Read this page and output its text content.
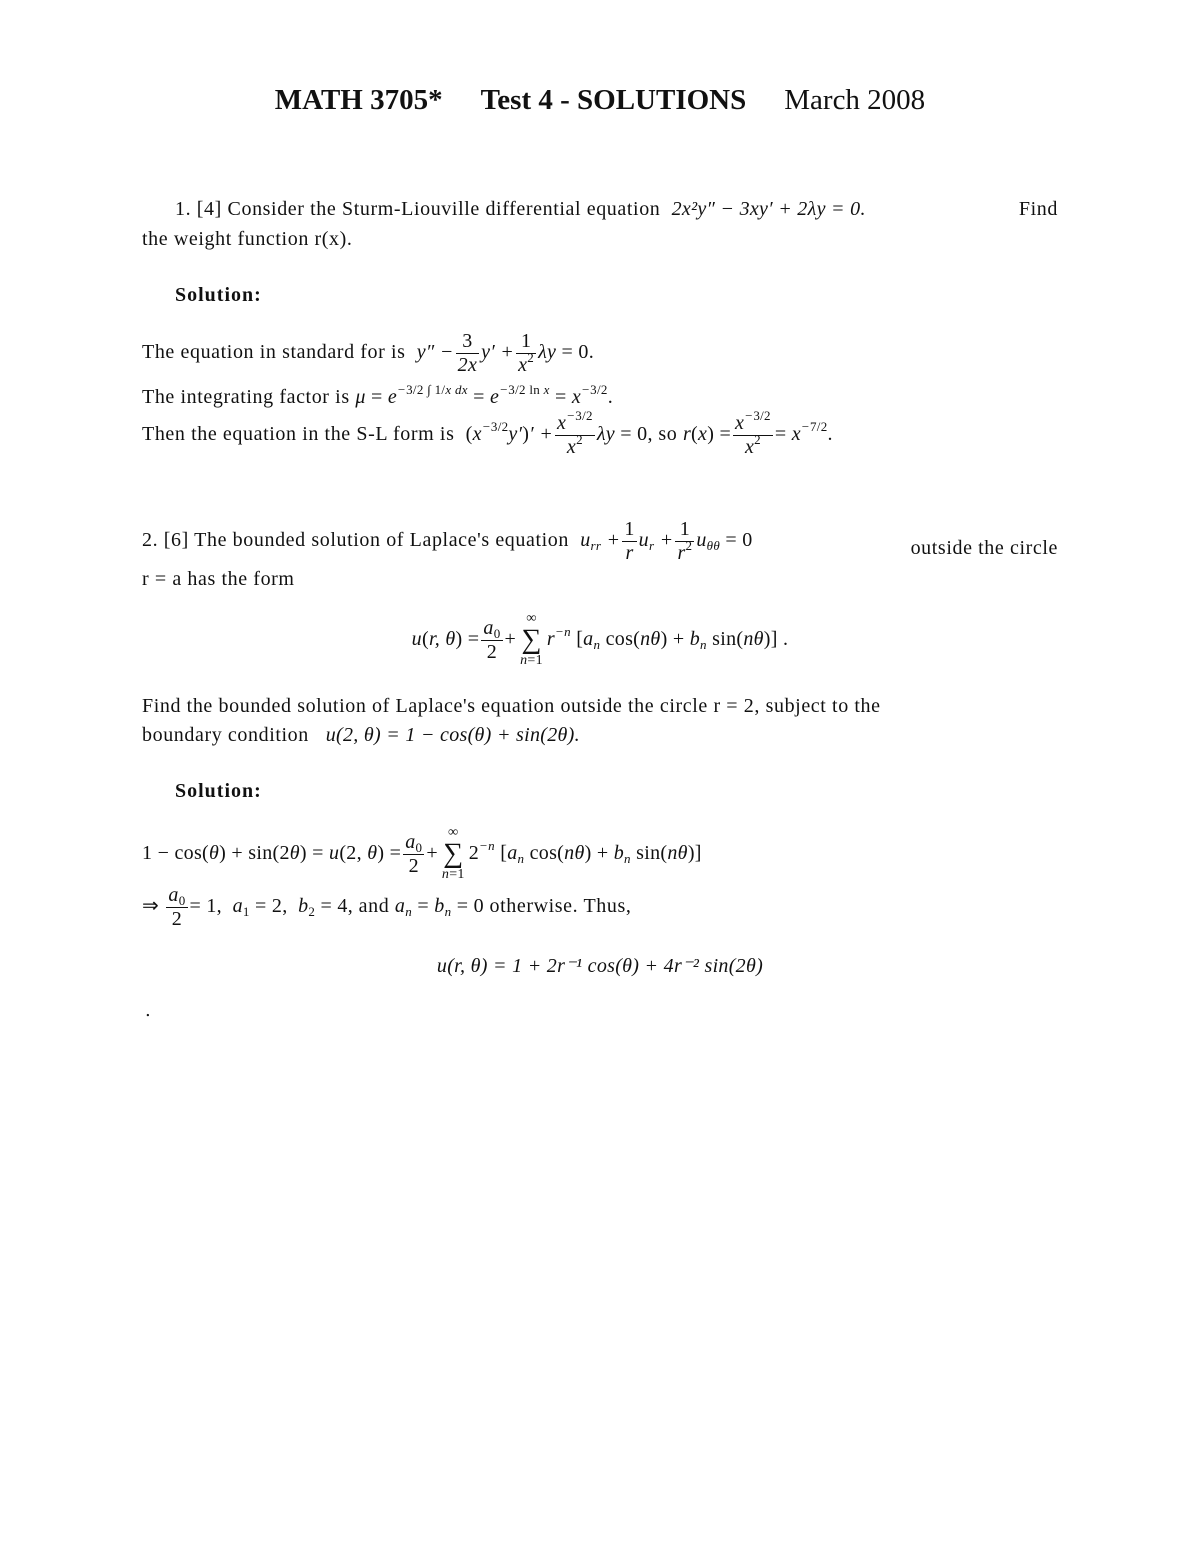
MATH 3705* Test 4 - SOLUTIONS March 2008
1. [4] Consider the Sturm-Liouville differential equation 2x²y″ − 3xy′ + 2λy = 0.	Find
the weight function r(x).
Solution:
The equation in standard for is $y'' - \frac{3}{2x} y' + \frac{1}{x^2}$ λy = 0.
The integrating factor is $\mu = e^{-3/2 \int 1/x dx} = e^{-3/2 ln x} = x^{-3/2}$.
Then the equation in the S-L form is $(x^{-3/2}y')' + \frac{x^{-3/2}}{x^2}$ λy = 0, so $r(x) = \frac{x^{-3/2}}{x^2} = x^{-7/2}$.
2. [6] The bounded solution of Laplace's equation $u_{rr} + \frac{1}{r} u_r + \frac{1}{r^2} u_{\theta\theta} = 0$	outside the circle
r = a has the form
u(r, $\theta) = \frac{a_0}{2}$ +
∞
∑
n=1
$r^{-n}$ [$a_n$ $\cos(n\theta) + b_n$ sin(nθ)] .
Find the bounded solution of Laplace's equation outside the circle r = 2, subject to the
boundary condition u(2, θ) = 1 − cos(θ) + sin(2θ).
Solution:
1 − cos(θ) + sin(2θ) = u(2, $\theta) = \frac{a_0}{2}$ +
∞
∑
n=1
$2^{-n}$ [$a_n$ $\cos(n\theta) + b_n$ sin(nθ)]
⇒ $\frac{a_0}{2} = 1$,  $a_1 = 2$,  $b_2 = 4$, and $a_n = b_n = 0$ otherwise. Thus,
u(r, θ) = 1 + 2r⁻¹ cos(θ) + 4r⁻² sin(2θ)
.
